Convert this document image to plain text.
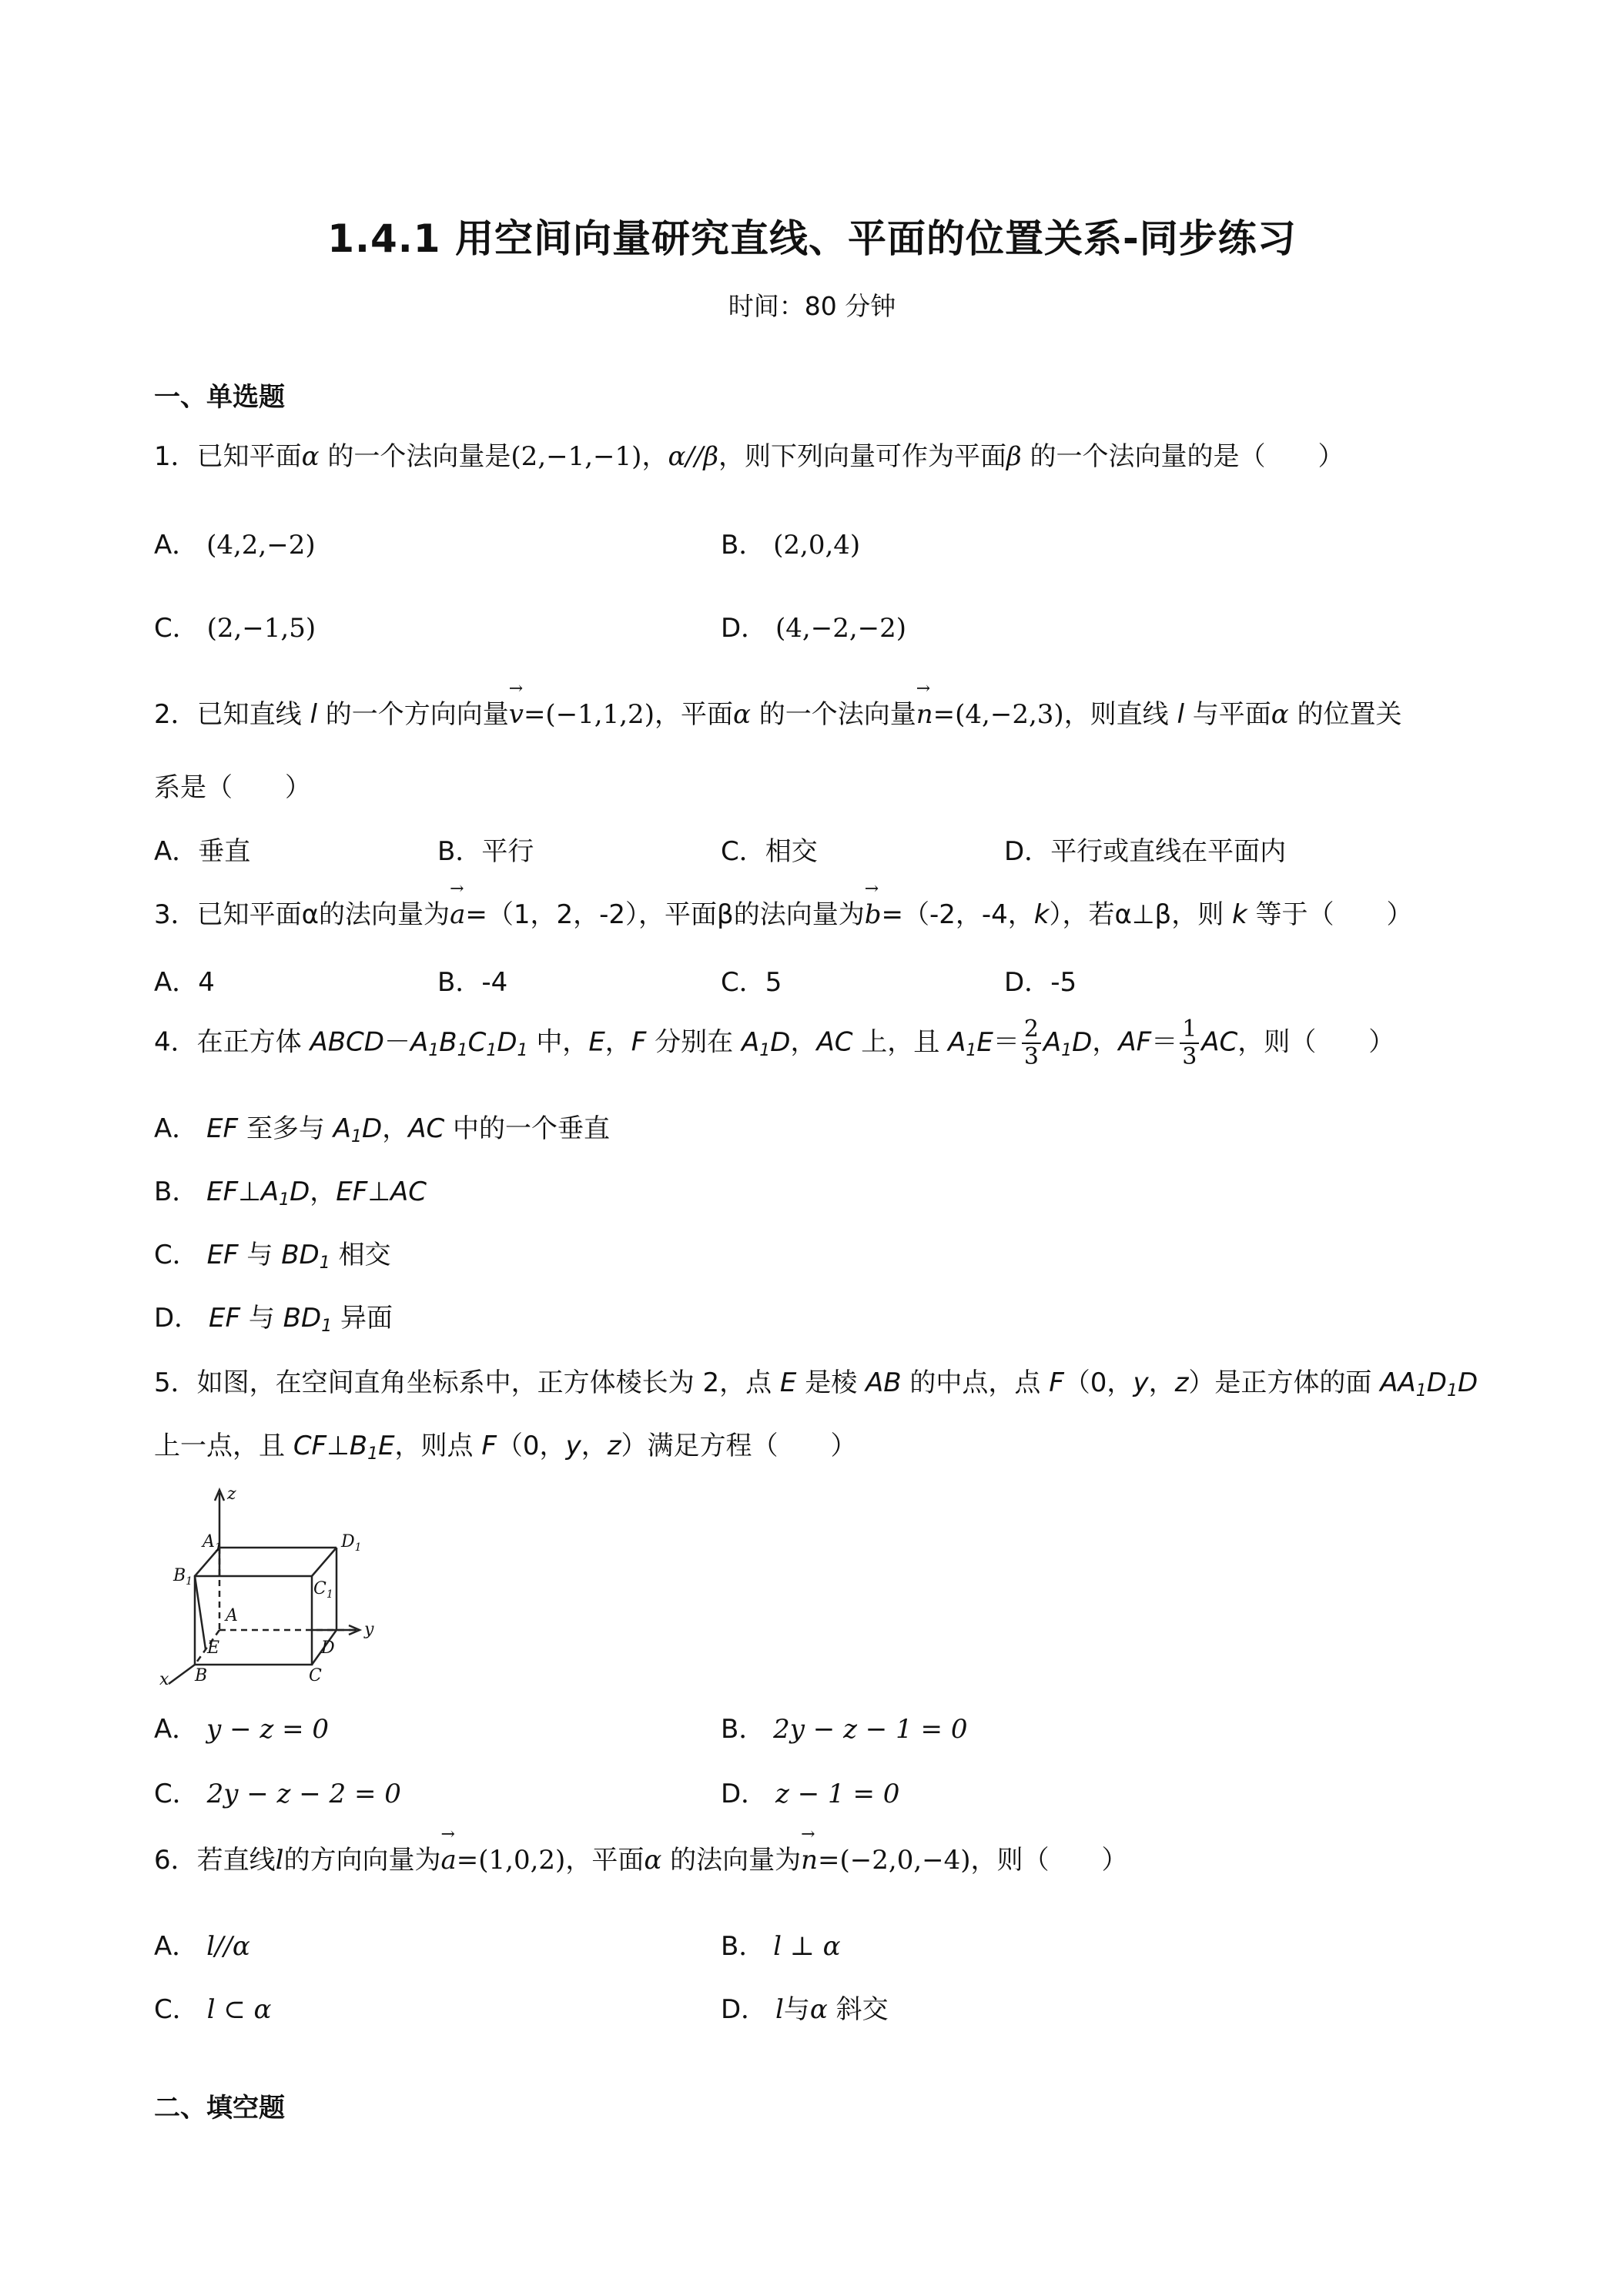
1.4.1 用空间向量研究直线、平面的位置关系-同步练习
时间：80 分钟
一、单选题
1．已知平面α 的一个法向量是(2,−1,−1)，α//β，则下列向量可作为平面β 的一个法向量的是（　　）
A． (4,2,−2)	B． (2,0,4)
C． (2,−1,5)	D． (4,−2,−2)
2．已知直线 l 的一个方向向量→ v=(−1,1,2)，平面α 的一个法向量→ n=(4,−2,3)，则直线 l 与平面α 的位置关
系是（　　）
A．垂直	B．平行	C．相交	D．平行或直线在平面内
3．已知平面α的法向量为→ a=（1，2，-2），平面β的法向量为→ b=（-2，-4，k），若α⊥β，则 k 等于（　　）
A．4	B．-4	C．5	D．-5
4．在正方体 $ABCD-A_1B_1C_1D_1$ 中，E，F 分别在 $A_1D$，AC 上，且 $A_1E= \frac{2}{3} A_1D$，$AF= \frac{1}{3}$ AC，则（　　）
A． EF 至多与 $A_1D$，AC 中的一个垂直
B． $EF\perp A_1D$，EF⊥AC
C． EF 与 $BD_1$ 相交
D． EF 与 $BD_1$ 异面
5．如图，在空间直角坐标系中，正方体棱长为 2，点 E 是棱 AB 的中点，点 F（0，y，z）是正方体的面 $AA_1D_1D$
上一点，且 $CF\perp B_1E$，则点 F（0，y，z）满足方程（　　）
z
y
x
$A_1$	$D_1$
$B_1$	$C_1$
A
E	D
B	C
A． y − z = 0	B． 2y − z − 1 = 0
C． 2y − z − 2 = 0	D． z − 1 = 0
6．若直线l的方向向量为→ a=(1,0,2)，平面α 的法向量为→ n=(−2,0,−4)，则（　　）
A． l//α	B． l ⊥ α
C． l ⊂ α	D． l与α 斜交
二、填空题
